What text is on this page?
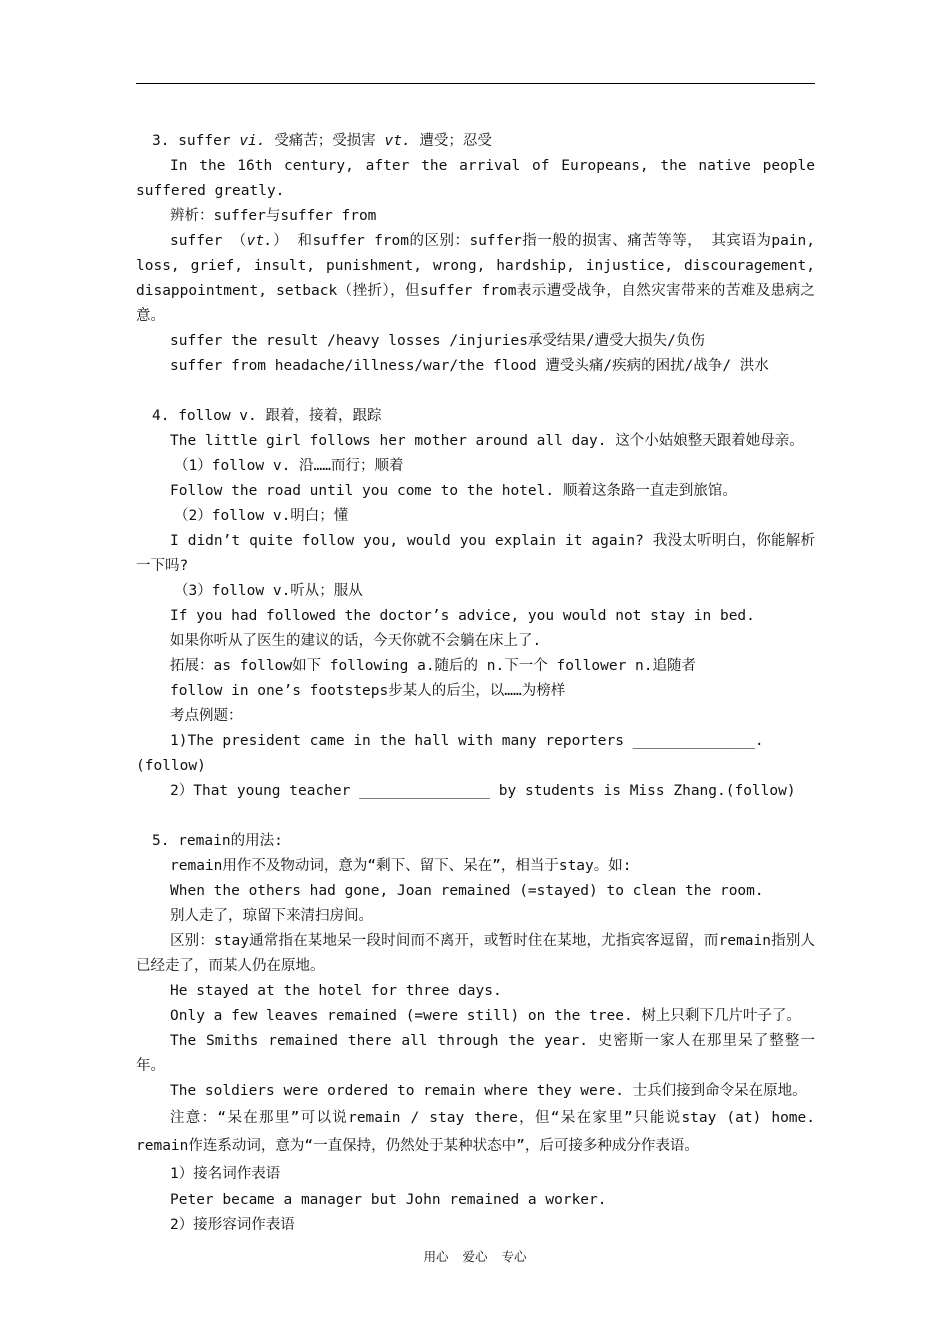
3. suffer vi. 受痛苦；受损害 vt. 遭受；忍受

In the 16th century, after the arrival of Europeans, the native people suffered greatly.

辨析：suffer与suffer from

suffer （vt.） 和suffer from的区别：suffer指一般的损害、痛苦等等， 其宾语为pain, loss, grief, insult, punishment, wrong, hardship, injustice, discouragement, disappointment, setback（挫折），但suffer from表示遭受战争，自然灾害带来的苦难及患病之意。

suffer the result /heavy losses /injuries承受结果/遭受大损失/负伤

suffer from headache/illness/war/the flood 遭受头痛/疾病的困扰/战争/ 洪水

4. follow v. 跟着，接着，跟踪

The little girl follows her mother around all day. 这个小姑娘整天跟着她母亲。

（1）follow v. 沿……而行；顺着

Follow the road until you come to the hotel. 顺着这条路一直走到旅馆。

（2）follow v.明白；懂

I didn’t quite follow you, would you explain it again? 我没太听明白，你能解析一下吗?

（3）follow v.听从；服从

If you had followed the doctor’s advice, you would not stay in bed.

如果你听从了医生的建议的话，今天你就不会躺在床上了.

拓展：as follow如下 following a.随后的 n.下一个 follower n.追随者

follow in one’s footsteps步某人的后尘，以……为榜样

考点例题：

1)The president came in the hall with many reporters ______________.(follow)

2）That young teacher _______________ by students is Miss Zhang.(follow)

5. remain的用法:

remain用作不及物动词，意为“剩下、留下、呆在”，相当于stay。如:

When the others had gone, Joan remained (=stayed) to clean the room.

别人走了，琼留下来清扫房间。

区别：stay通常指在某地呆一段时间而不离开，或暂时住在某地，尤指宾客逗留，而remain指别人已经走了，而某人仍在原地。

He stayed at the hotel for three days.

Only a few leaves remained (=were still) on the tree. 树上只剩下几片叶子了。

The Smiths remained there all through the year. 史密斯一家人在那里呆了整整一年。

The soldiers were ordered to remain where they were. 士兵们接到命令呆在原地。

注意：“呆在那里”可以说remain / stay there，但“呆在家里”只能说stay (at) home. remain作连系动词，意为“一直保持，仍然处于某种状态中”，后可接多种成分作表语。

1）接名词作表语

Peter became a manager but John remained a worker.

2）接形容词作表语

用心 爱心 专心
